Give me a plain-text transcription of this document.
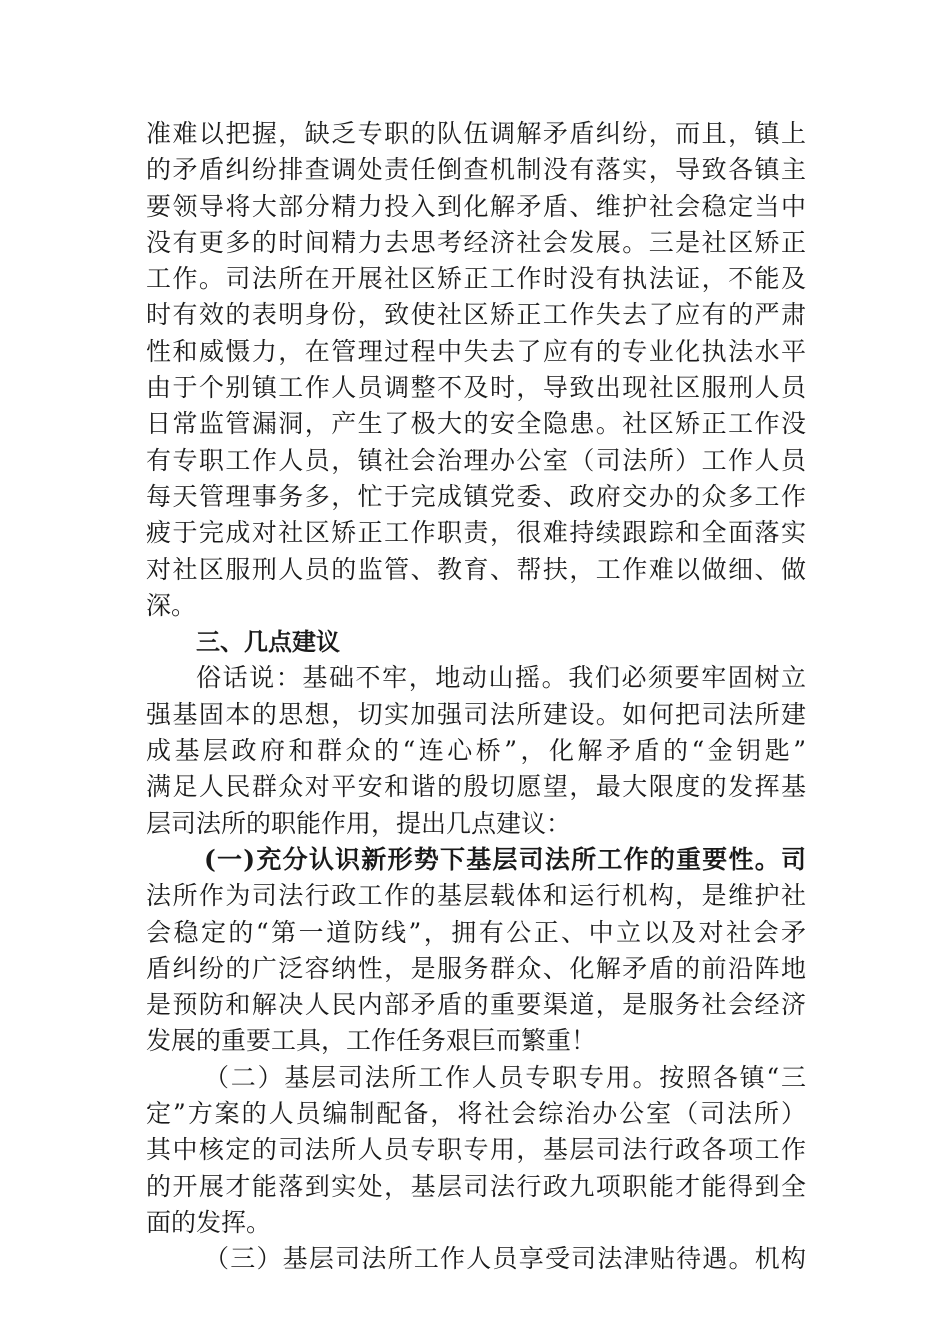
准难以把握，缺乏专职的队伍调解矛盾纠纷，而且，镇上
的矛盾纠纷排查调处责任倒查机制没有落实，导致各镇主
要领导将大部分精力投入到化解矛盾、维护社会稳定当中
没有更多的时间精力去思考经济社会发展。三是社区矫正
工作。司法所在开展社区矫正工作时没有执法证，不能及
时有效的表明身份，致使社区矫正工作失去了应有的严肃
性和威慑力，在管理过程中失去了应有的专业化执法水平
由于个别镇工作人员调整不及时，导致出现社区服刑人员
日常监管漏洞，产生了极大的安全隐患。社区矫正工作没
有专职工作人员，镇社会治理办公室（司法所）工作人员
每天管理事务多，忙于完成镇党委、政府交办的众多工作
疲于完成对社区矫正工作职责，很难持续跟踪和全面落实
对社区服刑人员的监管、教育、帮扶，工作难以做细、做
深。
三、几点建议
俗话说：基础不牢，地动山摇。我们必须要牢固树立
强基固本的思想，切实加强司法所建设。如何把司法所建
成基层政府和群众的“连心桥”，化解矛盾的“金钥匙”
满足人民群众对平安和谐的殷切愿望，最大限度的发挥基
层司法所的职能作用，提出几点建议：
(一)充分认识新形势下基层司法所工作的重要性。司
法所作为司法行政工作的基层载体和运行机构，是维护社
会稳定的“第一道防线”，拥有公正、中立以及对社会矛
盾纠纷的广泛容纳性，是服务群众、化解矛盾的前沿阵地
是预防和解决人民内部矛盾的重要渠道，是服务社会经济
发展的重要工具，工作任务艰巨而繁重！
（二）基层司法所工作人员专职专用。按照各镇“三
定”方案的人员编制配备，将社会综治办公室（司法所）
其中核定的司法所人员专职专用，基层司法行政各项工作
的开展才能落到实处，基层司法行政九项职能才能得到全
面的发挥。
（三）基层司法所工作人员享受司法津贴待遇。机构
